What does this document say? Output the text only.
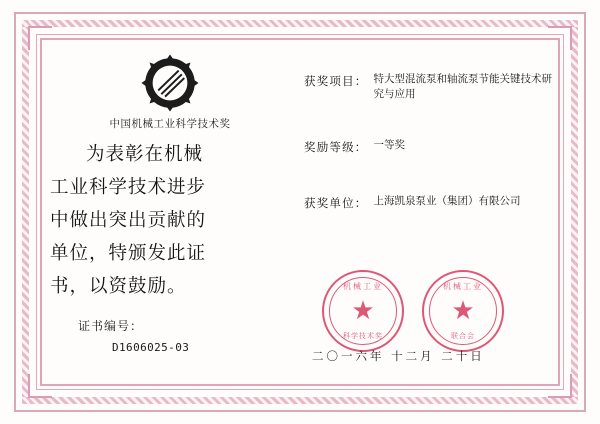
中国机械工业科学技术奖
为表彰在机械
工业科学技术进步
中做出突出贡献的
单位，特颁发此证
书，以资鼓励。
证书编号：
D1606025-03
获奖项目： 特大型混流泵和轴流泵节能关键技术研究与应用
奖励等级： 一等奖
获奖单位： 上海凯泉泵业（集团）有限公司
机械工业
★
科学技术奖
机械工业
★
联合会
二〇一六年 十二月 二十日
